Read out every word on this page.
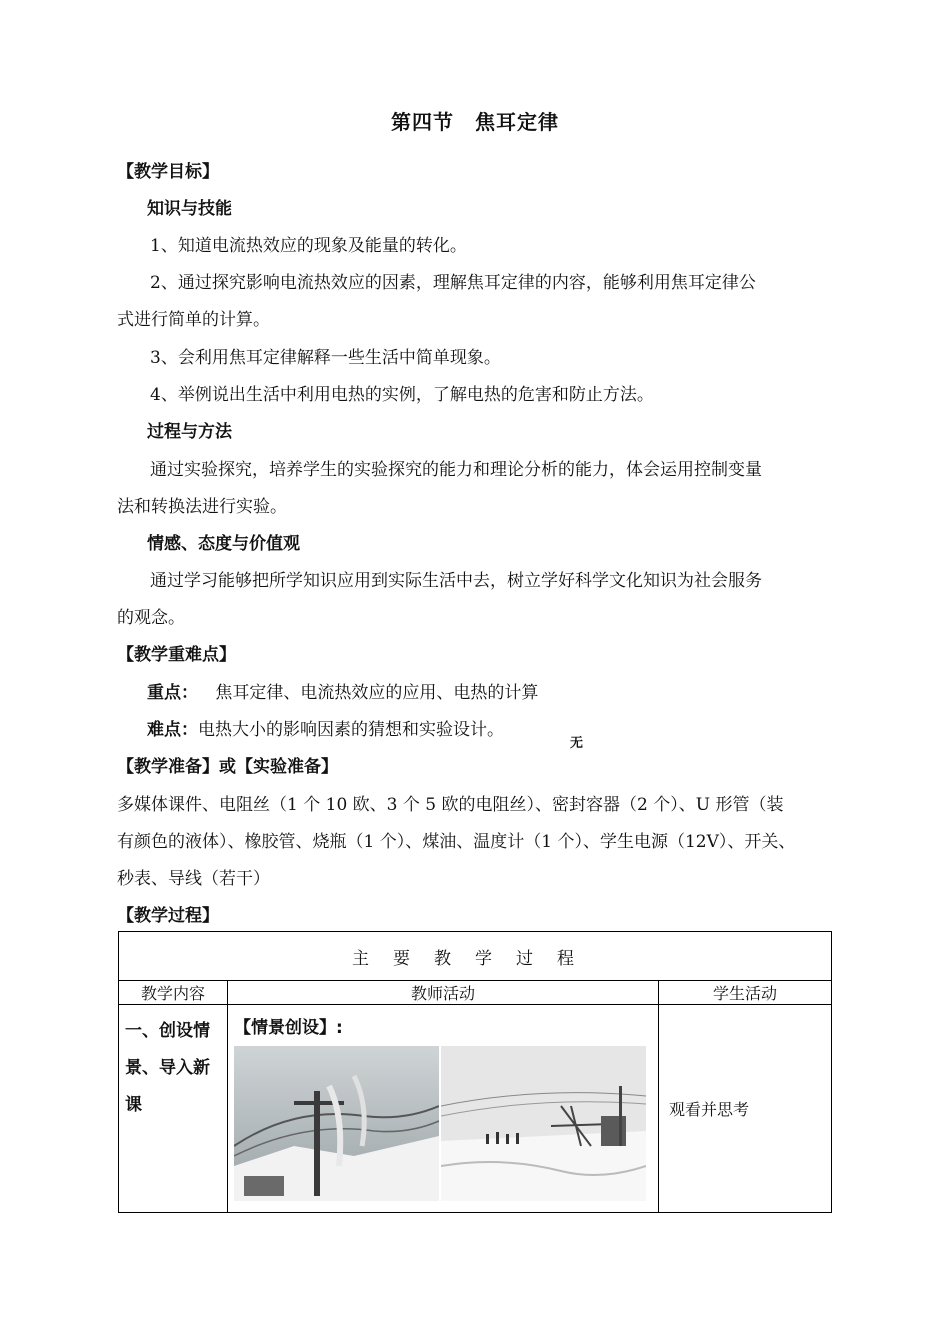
第四节　焦耳定律
【教学目标】
知识与技能
1、知道电流热效应的现象及能量的转化。
2、通过探究影响电流热效应的因素，理解焦耳定律的内容，能够利用焦耳定律公
式进行简单的计算。
3、会利用焦耳定律解释一些生活中简单现象。
4、举例说出生活中利用电热的实例，了解电热的危害和防止方法。
过程与方法
通过实验探究，培养学生的实验探究的能力和理论分析的能力，体会运用控制变量
法和转换法进行实验。
情感、态度与价值观
通过学习能够把所学知识应用到实际生活中去，树立学好科学文化知识为社会服务
的观念。
【教学重难点】
重点： 焦耳定律、电流热效应的应用、电热的计算
难点：电热大小的影响因素的猜想和实验设计。
无
【教学准备】或【实验准备】
多媒体课件、电阻丝（1 个 10 欧、3 个 5 欧的电阻丝）、密封容器（2 个）、U 形管（装
有颜色的液体）、橡胶管、烧瓶（1 个）、煤油、温度计（1 个）、学生电源（12V）、开关、
秒表、导线（若干）
【教学过程】
主要教学过程		
教学内容	教师活动	学生活动
一、创设情景、导入新课	【情景创设】:	观看并思考
